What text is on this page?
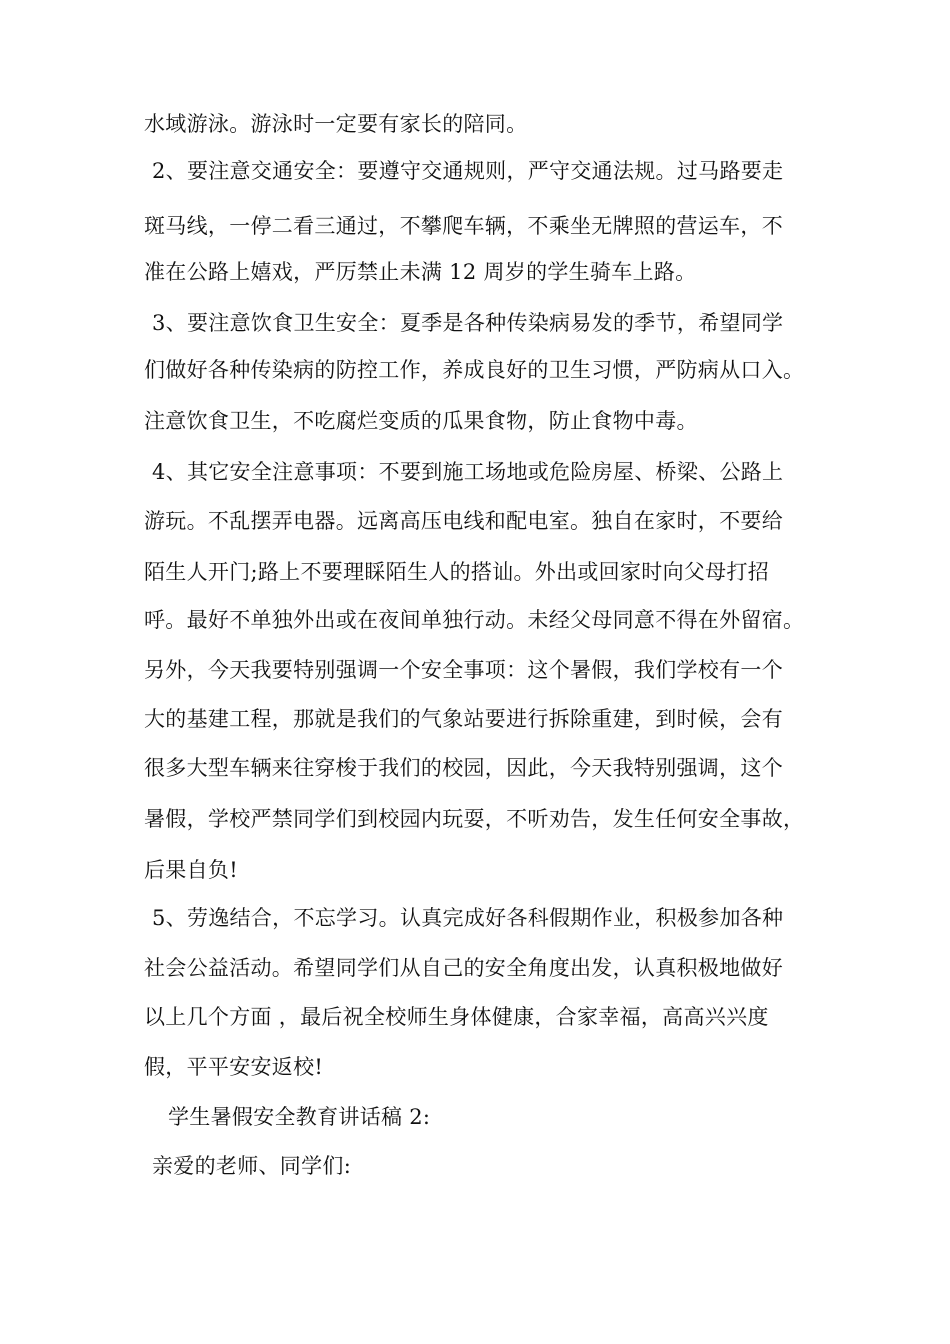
水域游泳。游泳时一定要有家长的陪同。
2、要注意交通安全：要遵守交通规则，严守交通法规。过马路要走
斑马线，一停二看三通过，不攀爬车辆，不乘坐无牌照的营运车，不
准在公路上嬉戏，严厉禁止未满 12 周岁的学生骑车上路。
3、要注意饮食卫生安全：夏季是各种传染病易发的季节，希望同学
们做好各种传染病的防控工作，养成良好的卫生习惯，严防病从口入。
注意饮食卫生，不吃腐烂变质的瓜果食物，防止食物中毒。
4、其它安全注意事项：不要到施工场地或危险房屋、桥梁、公路上
游玩。不乱摆弄电器。远离高压电线和配电室。独自在家时，不要给
陌生人开门;路上不要理睬陌生人的搭讪。外出或回家时向父母打招
呼。最好不单独外出或在夜间单独行动。未经父母同意不得在外留宿。
另外，今天我要特别强调一个安全事项：这个暑假，我们学校有一个
大的基建工程，那就是我们的气象站要进行拆除重建，到时候，会有
很多大型车辆来往穿梭于我们的校园，因此，今天我特别强调，这个
暑假，学校严禁同学们到校园内玩耍，不听劝告，发生任何安全事故，
后果自负!
5、劳逸结合，不忘学习。认真完成好各科假期作业，积极参加各种
社会公益活动。希望同学们从自己的安全角度出发，认真积极地做好
以上几个方面 ，最后祝全校师生身体健康，合家幸福，高高兴兴度
假，平平安安返校!
学生暑假安全教育讲话稿 2:
亲爱的老师、同学们:
